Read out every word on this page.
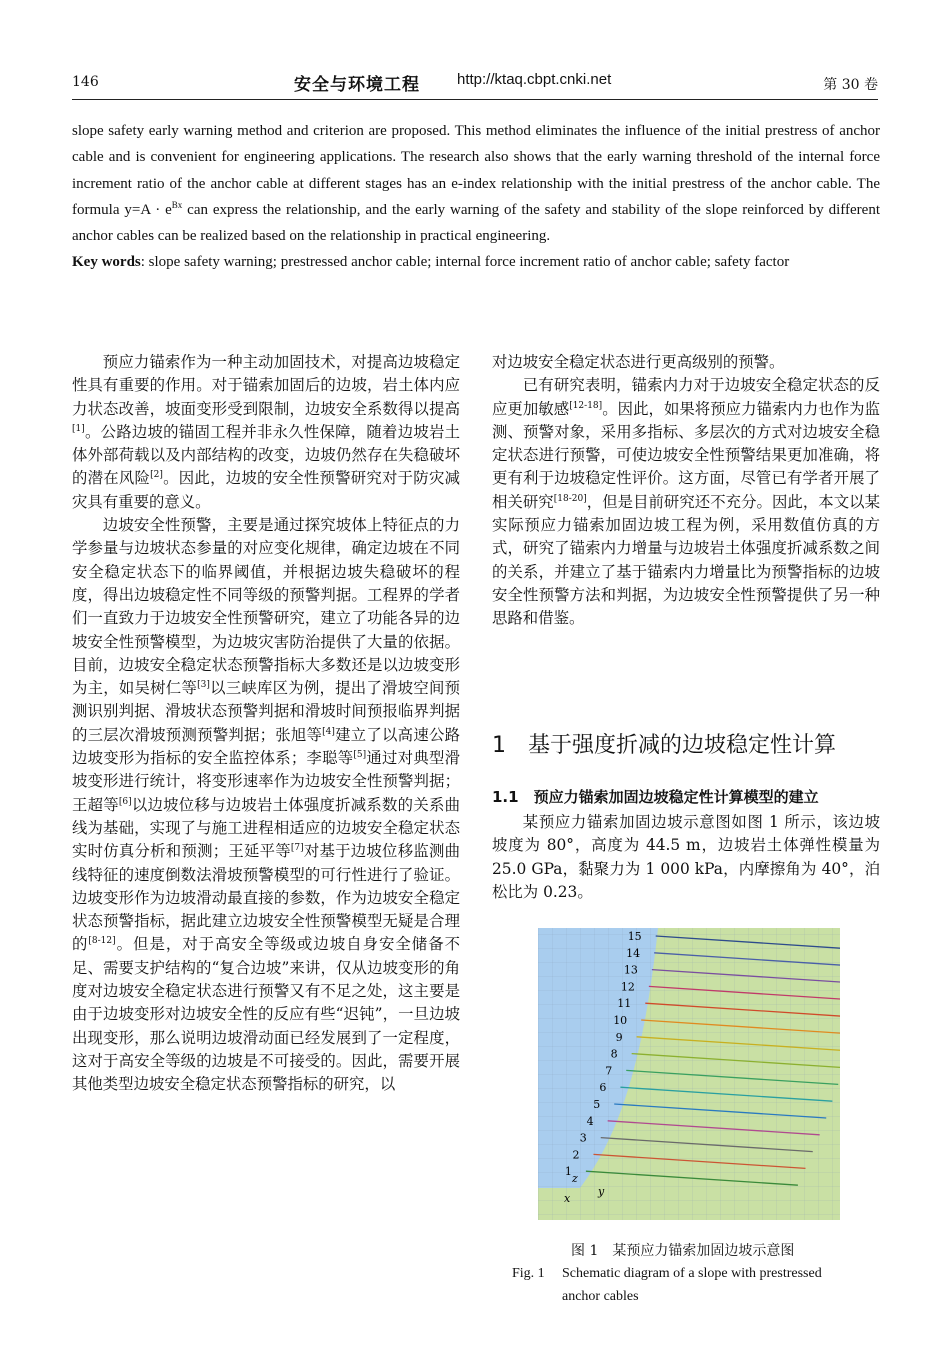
146	安全与环境工程 http://ktaq.cbpt.cnki.net	第 30 卷

slope safety early warning method and criterion are proposed. This method eliminates the influence of the initial prestress of anchor cable and is convenient for engineering applications. The research also shows that the early warning threshold of the internal force increment ratio of the anchor cable at different stages has an e-index relationship with the initial prestress of the anchor cable. The formula $y=A \cdot e^{Bx}$ can express the relationship, and the early warning of the safety and stability of the slope reinforced by different anchor cables can be realized based on the relationship in practical engineering.

Key words: slope safety warning; prestressed anchor cable; internal force increment ratio of anchor cable; safety factor

预应力锚索作为一种主动加固技术，对提高边坡稳定性具有重要的作用。对于锚索加固后的边坡，岩土体内应力状态改善，坡面变形受到限制，边坡安全系数得以提高[1]。公路边坡的锚固工程并非永久性保障，随着边坡岩土体外部荷载以及内部结构的改变，边坡仍然存在失稳破坏的潜在风险[2]。因此，边坡的安全性预警研究对于防灾减灾具有重要的意义。

边坡安全性预警，主要是通过探究坡体上特征点的力学参量与边坡状态参量的对应变化规律，确定边坡在不同安全稳定状态下的临界阈值，并根据边坡失稳破坏的程度，得出边坡稳定性不同等级的预警判据。工程界的学者们一直致力于边坡安全性预警研究，建立了功能各异的边坡安全性预警模型，为边坡灾害防治提供了大量的依据。目前，边坡安全稳定状态预警指标大多数还是以边坡变形为主，如吴树仁等[3]以三峡库区为例，提出了滑坡空间预测识别判据、滑坡状态预警判据和滑坡时间预报临界判据的三层次滑坡预测预警判据；张旭等[4]建立了以高速公路边坡变形为指标的安全监控体系；李聪等[5]通过对典型滑坡变形进行统计，将变形速率作为边坡安全性预警判据；王超等[6]以边坡位移与边坡岩土体强度折减系数的关系曲线为基础，实现了与施工进程相适应的边坡安全稳定状态实时仿真分析和预测；王延平等[7]对基于边坡位移监测曲线特征的速度倒数法滑坡预警模型的可行性进行了验证。边坡变形作为边坡滑动最直接的参数，作为边坡安全稳定状态预警指标，据此建立边坡安全性预警模型无疑是合理的[8-12]。但是，对于高安全等级或边坡自身安全储备不足、需要支护结构的“复合边坡”来讲，仅从边坡变形的角度对边坡安全稳定状态进行预警又有不足之处，这主要是由于边坡变形对边坡安全性的反应有些“迟钝”，一旦边坡出现变形，那么说明边坡滑动面已经发展到了一定程度，这对于高安全等级的边坡是不可接受的。因此，需要开展其他类型边坡安全稳定状态预警指标的研究，以

对边坡安全稳定状态进行更高级别的预警。

已有研究表明，锚索内力对于边坡安全稳定状态的反应更加敏感[12-18]。因此，如果将预应力锚索内力也作为监测、预警对象，采用多指标、多层次的方式对边坡安全稳定状态进行预警，可使边坡安全性预警结果更加准确，将更有利于边坡稳定性评价。这方面，尽管已有学者开展了相关研究[18-20]，但是目前研究还不充分。因此，本文以某实际预应力锚索加固边坡工程为例，采用数值仿真的方式，研究了锚索内力增量与边坡岩土体强度折减系数之间的关系，并建立了基于锚索内力增量比为预警指标的边坡安全性预警方法和判据，为边坡安全性预警提供了另一种思路和借鉴。

1　基于强度折减的边坡稳定性计算
1.1　预应力锚索加固边坡稳定性计算模型的建立

某预应力锚索加固边坡示意图如图 1 所示，该边坡坡度为 80°，高度为 44.5 m，边坡岩土体弹性模量为 25.0 GPa，黏聚力为 1 000 kPa，内摩擦角为 40°，泊松比为 0.23。

15
14
13
12
11
10
9
8
7
6
5
4
3
2
1
x
y
z
图 1　某预应力锚索加固边坡示意图
Fig. 1 Schematic diagram of a slope with prestressed
anchor cables
